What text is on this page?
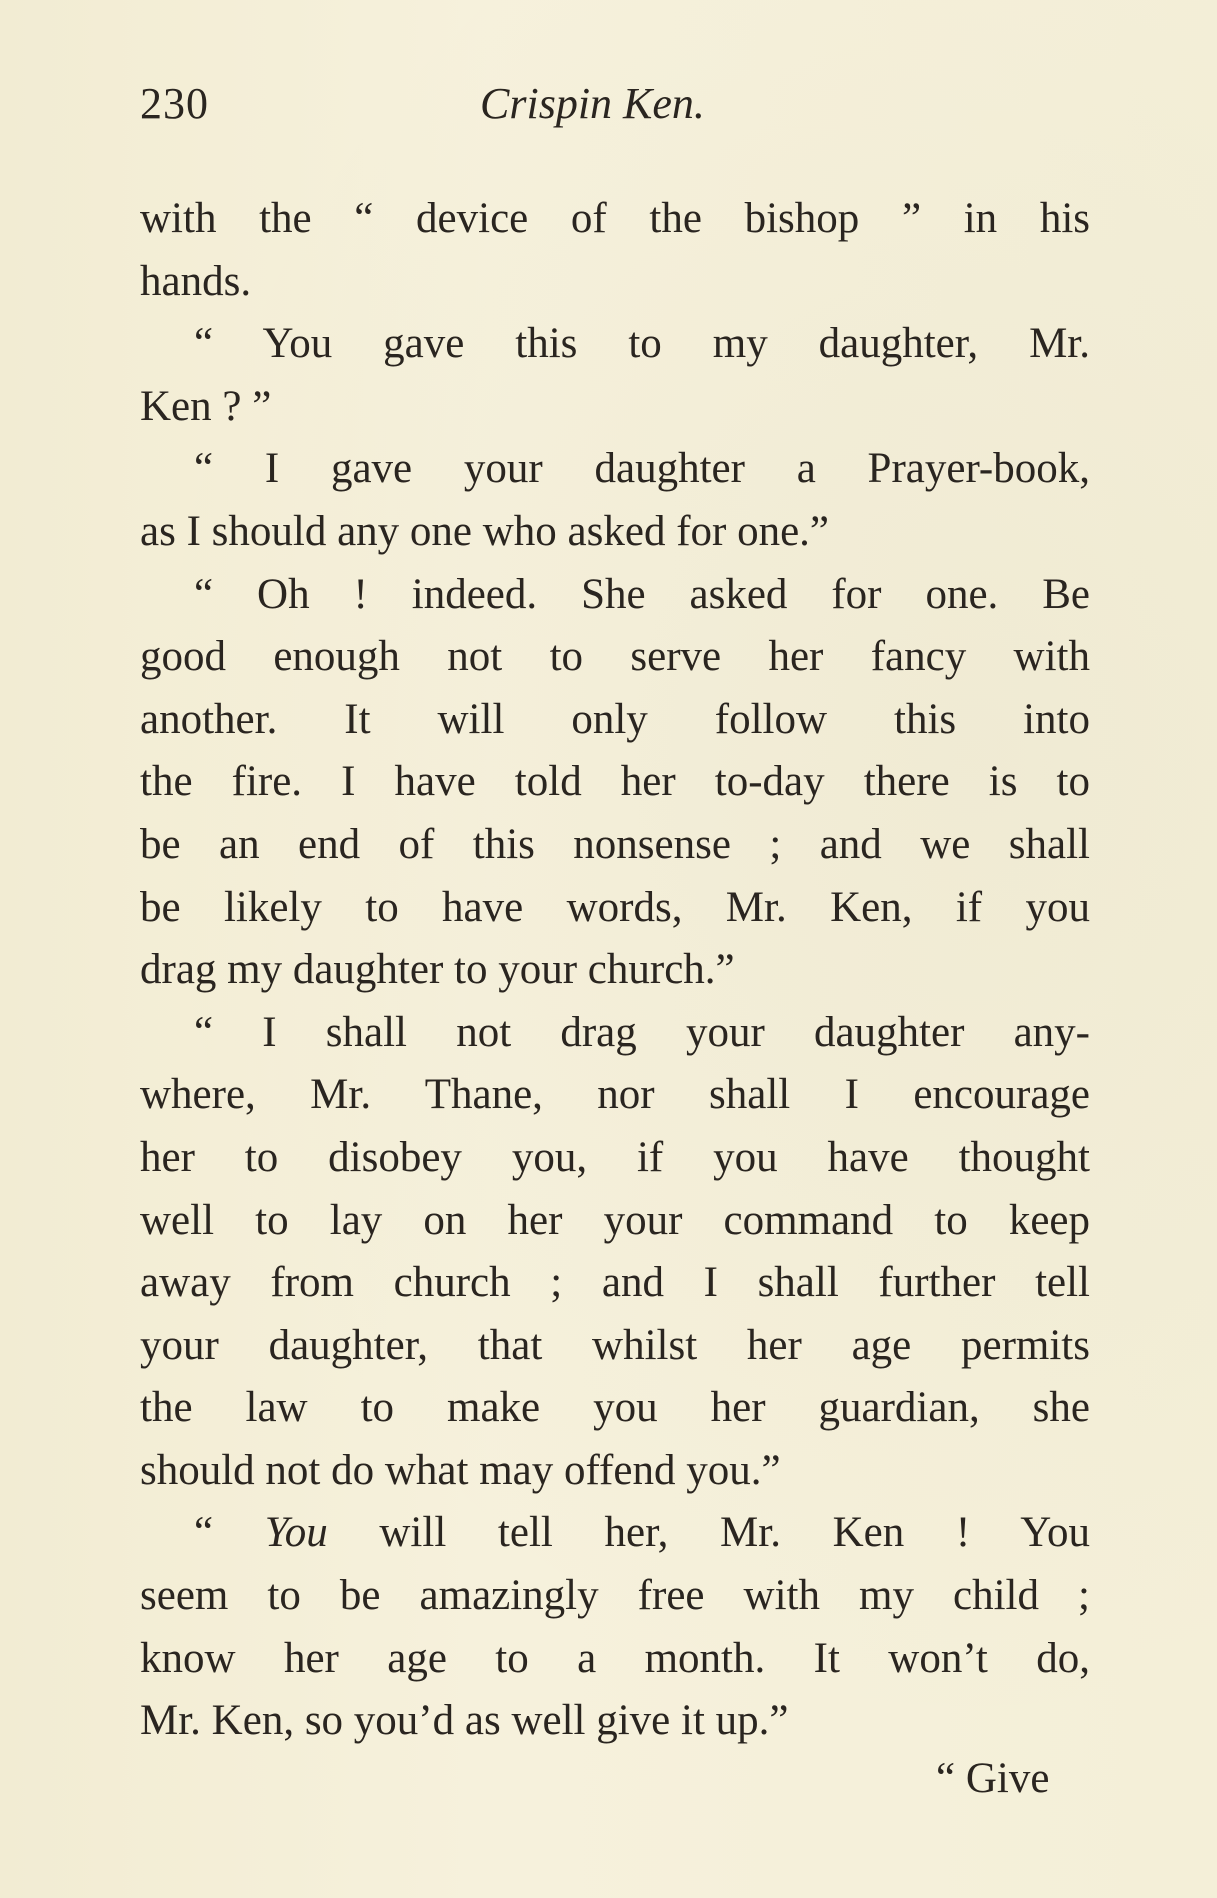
230	Crispin Ken.
with the “ device of the bishop ” in his
hands.
“ You gave this to my daughter, Mr.
Ken ? ”
“ I gave your daughter a Prayer-book,
as I should any one who asked for one.”
“ Oh ! indeed. She asked for one. Be
good enough not to serve her fancy with
another. It will only follow this into
the fire. I have told her to-day there is to
be an end of this nonsense ; and we shall
be likely to have words, Mr. Ken, if you
drag my daughter to your church.”
“ I shall not drag your daughter any-
where, Mr. Thane, nor shall I encourage
her to disobey you, if you have thought
well to lay on her your command to keep
away from church ; and I shall further tell
your daughter, that whilst her age permits
the law to make you her guardian, she
should not do what may offend you.”
“ You will tell her, Mr. Ken ! You
seem to be amazingly free with my child ;
know her age to a month. It won’t do,
Mr. Ken, so you’d as well give it up.”
“ Give
